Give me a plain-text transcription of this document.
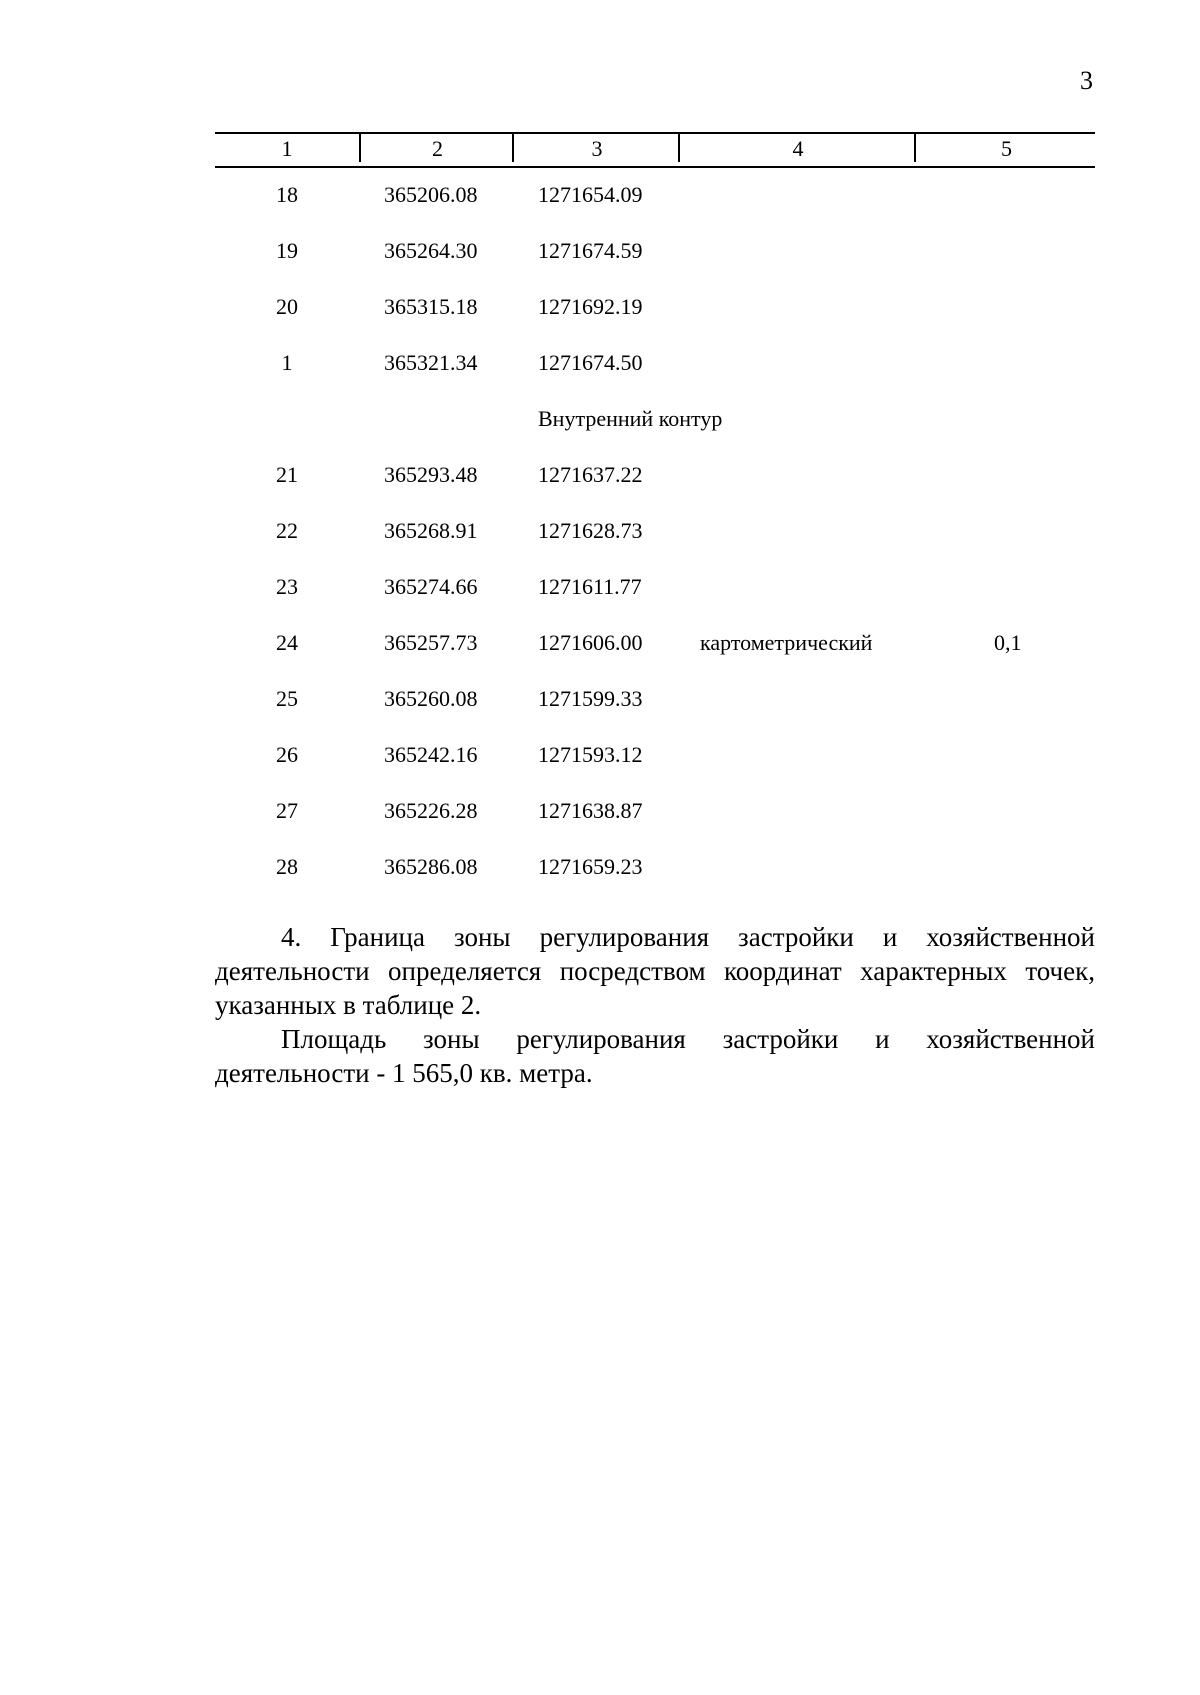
3
1	2	3	4	5
18	365206.08	1271654.09
19	365264.30	1271674.59
20	365315.18	1271692.19
1	365321.34	1271674.50
Внутренний контур
21	365293.48	1271637.22
22	365268.91	1271628.73
23	365274.66	1271611.77
24	365257.73	1271606.00	картометрический	0,1
25	365260.08	1271599.33
26	365242.16	1271593.12
27	365226.28	1271638.87
28	365286.08	1271659.23

4. Граница зоны регулирования застройки и хозяйственной деятельности определяется посредством координат характерных точек, указанных в таблице 2.

Площадь зоны регулирования застройки и хозяйственной деятельности - 1 565,0 кв. метра.
